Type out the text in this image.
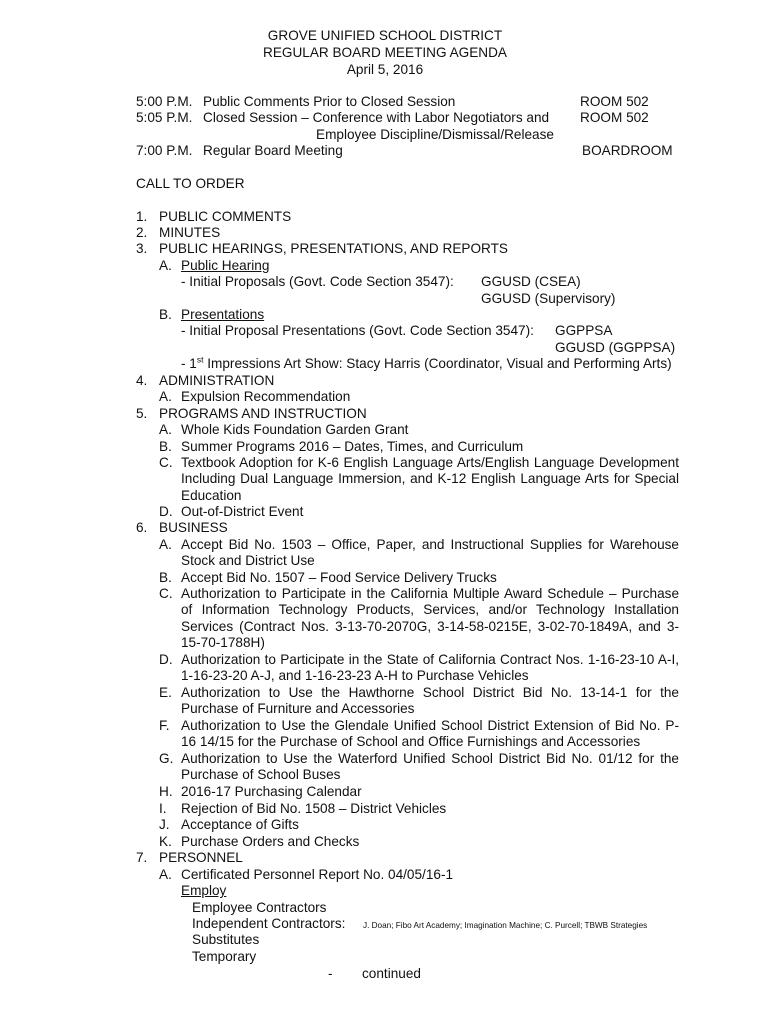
GROVE UNIFIED SCHOOL DISTRICT
REGULAR BOARD MEETING AGENDA
April 5, 2016
5:00 P.M. Public Comments Prior to Closed Session	ROOM 502
5:05 P.M. Closed Session – Conference with Labor Negotiators and ROOM 502
Employee Discipline/Dismissal/Release
7:00 P.M. Regular Board Meeting	BOARDROOM
CALL TO ORDER
1. PUBLIC COMMENTS
2. MINUTES
3. PUBLIC HEARINGS, PRESENTATIONS, AND REPORTS
A. Public Hearing
- Initial Proposals (Govt. Code Section 3547): GGUSD (CSEA)
GGUSD (Supervisory)
B. Presentations
- Initial Proposal Presentations (Govt. Code Section 3547): GGPPSA
GGUSD (GGPPSA)
- 1st Impressions Art Show: Stacy Harris (Coordinator, Visual and Performing Arts)
4. ADMINISTRATION
A. Expulsion Recommendation
5. PROGRAMS AND INSTRUCTION
A. Whole Kids Foundation Garden Grant
B. Summer Programs 2016 – Dates, Times, and Curriculum
C. Textbook Adoption for K-6 English Language Arts/English Language Development Including Dual Language Immersion, and K-12 English Language Arts for Special Education
D. Out-of-District Event
6. BUSINESS
A. Accept Bid No. 1503 – Office, Paper, and Instructional Supplies for Warehouse Stock and District Use
B. Accept Bid No. 1507 – Food Service Delivery Trucks
C. Authorization to Participate in the California Multiple Award Schedule – Purchase of Information Technology Products, Services, and/or Technology Installation Services (Contract Nos. 3-13-70-2070G, 3-14-58-0215E, 3-02-70-1849A, and 3-15-70-1788H)
D. Authorization to Participate in the State of California Contract Nos. 1-16-23-10 A-I, 1-16-23-20 A-J, and 1-16-23-23 A-H to Purchase Vehicles
E. Authorization to Use the Hawthorne School District Bid No. 13-14-1 for the Purchase of Furniture and Accessories
F. Authorization to Use the Glendale Unified School District Extension of Bid No. P-16 14/15 for the Purchase of School and Office Furnishings and Accessories
G. Authorization to Use the Waterford Unified School District Bid No. 01/12 for the Purchase of School Buses
H. 2016-17 Purchasing Calendar
I. Rejection of Bid No. 1508 – District Vehicles
J. Acceptance of Gifts
K. Purchase Orders and Checks
7. PERSONNEL
A. Certificated Personnel Report No. 04/05/16-1
Employ
Employee Contractors
Independent Contractors: J. Doan; Fibo Art Academy; Imagination Machine; C. Purcell; TBWB Strategies
Substitutes
Temporary
- continued
